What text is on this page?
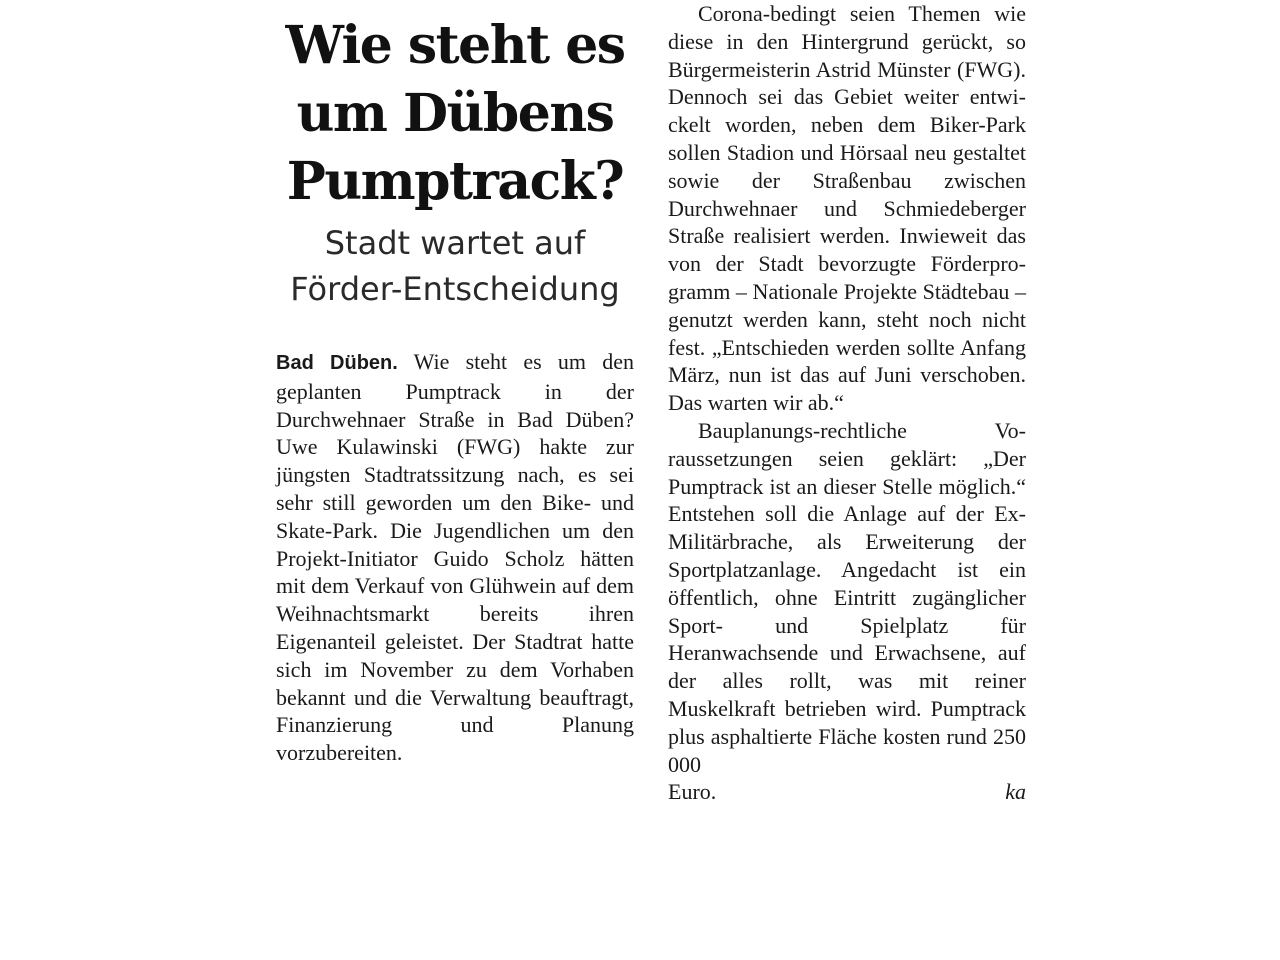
Wie steht es um Dübens Pumptrack?
Stadt wartet auf Förder-Entscheidung

Bad Düben. Wie steht es um den geplanten Pumptrack in der Durchwehnaer Straße in Bad Düben? Uwe Kulawinski (FWG) hakte zur jüngsten Stadtratssitzung nach, es sei sehr still geworden um den Bike- und Skate-Park. Die Jugendlichen um den Projekt-Initiator Guido Scholz hätten mit dem Verkauf von Glühwein auf dem Weihnachtsmarkt bereits ihren Eigenanteil geleistet. Der Stadtrat hatte sich im November zu dem Vorhaben bekannt und die Verwaltung beauftragt, Finanzierung und Planung vorzubereiten.

Corona-bedingt seien Themen wie diese in den Hintergrund gerückt, so Bürgermeisterin Astrid Münster (FWG). Dennoch sei das Gebiet weiter entwickelt worden, neben dem Biker-Park sollen Stadion und Hörsaal neu gestaltet sowie der Straßenbau zwischen Durchwehnaer und Schmiedeberger Straße realisiert werden. Inwieweit das von der Stadt bevorzugte Förderprogramm – Nationale Projekte Städtebau – genutzt werden kann, steht noch nicht fest. „Entschieden werden sollte Anfang März, nun ist das auf Juni verschoben. Das warten wir ab.“

Bauplanungs-rechtliche Voraussetzungen seien geklärt: „Der Pumptrack ist an dieser Stelle möglich.“ Entstehen soll die Anlage auf der Ex-Militärbrache, als Erweiterung der Sportplatzanlage. Angedacht ist ein öffentlich, ohne Eintritt zugänglicher Sport- und Spielplatz für Heranwachsende und Erwachsene, auf der alles rollt, was mit reiner Muskelkraft betrieben wird. Pumptrack plus asphaltierte Fläche kosten rund 250 000

Euro.	ka
